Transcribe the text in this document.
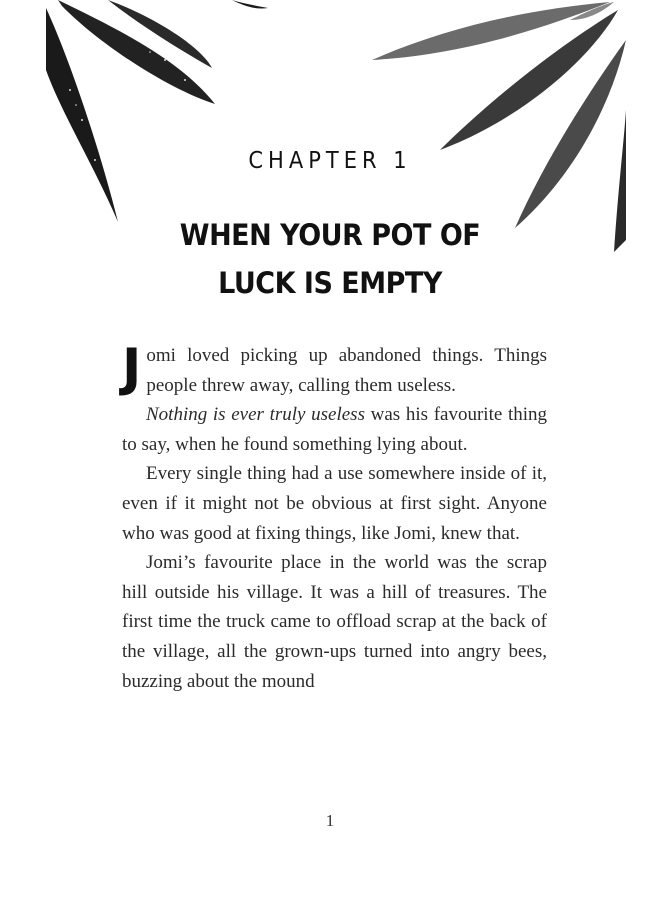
CHAPTER 1
WHEN YOUR POT OF
LUCK IS EMPTY

Jomi loved picking up abandoned things. Things people threw away, calling them useless.

Nothing is ever truly useless was his favourite thing to say, when he found something lying about.

Every single thing had a use somewhere inside of it, even if it might not be obvious at first sight. Anyone who was good at fixing things, like Jomi, knew that.

Jomi’s favourite place in the world was the scrap hill outside his village. It was a hill of treasures. The first time the truck came to offload scrap at the back of the village, all the grown-ups turned into angry bees, buzzing about the mound

1
